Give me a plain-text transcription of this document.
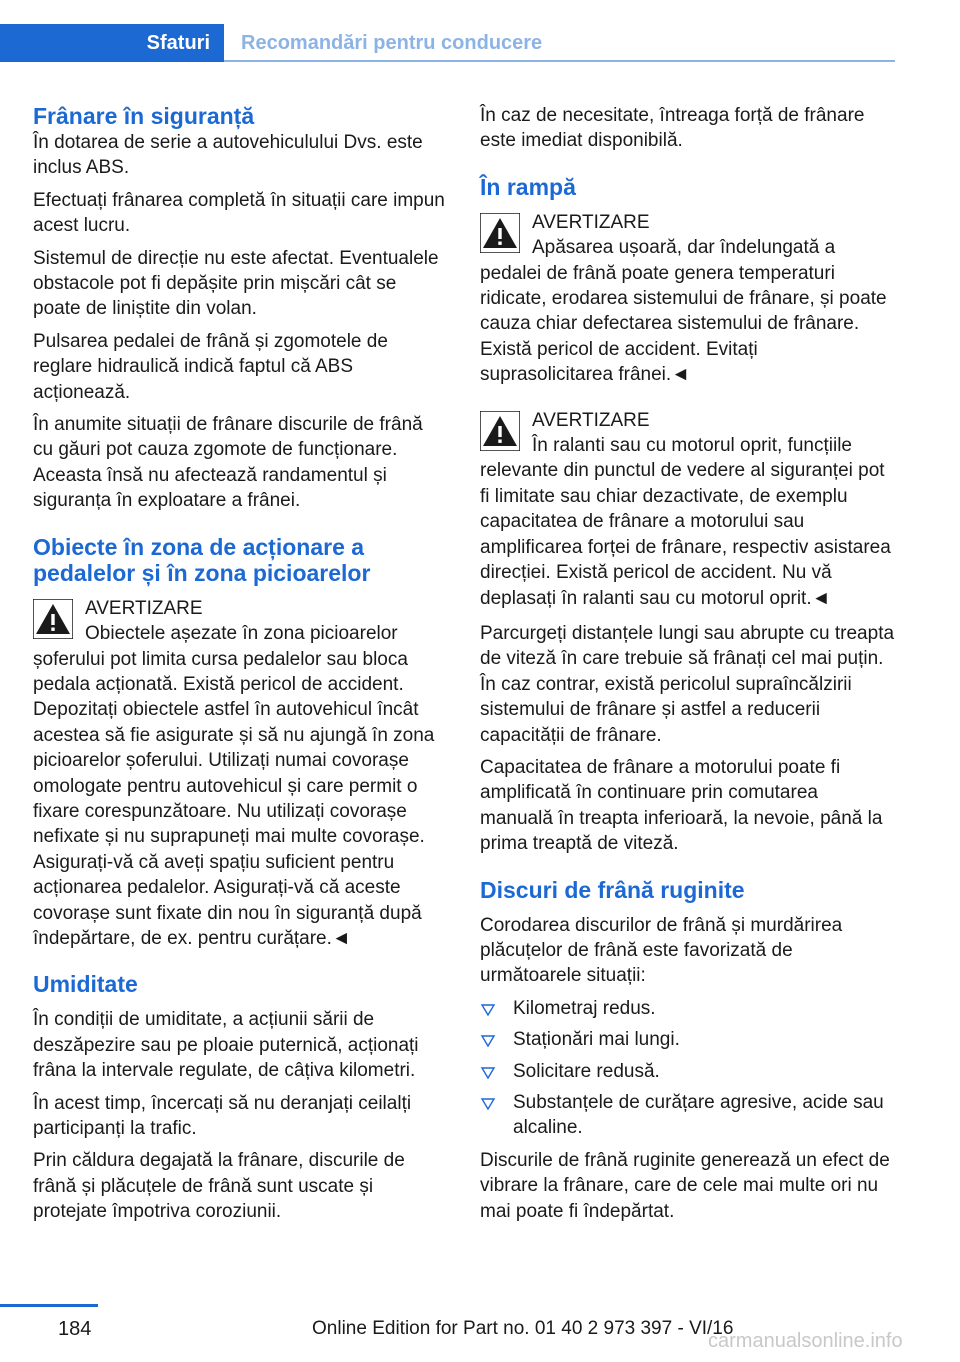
Sfaturi	Recomandări pentru conducere
Frânare în siguranță

În dotarea de serie a autovehiculului Dvs. este inclus ABS.

Efectuați frânarea completă în situații care impun acest lucru.

Sistemul de direcție nu este afectat. Eventualele obstacole pot fi depășite prin mișcări cât se poate de liniștite din volan.

Pulsarea pedalei de frână și zgomotele de reglare hidraulică indică faptul că ABS acționează.

În anumite situații de frânare discurile de frână cu găuri pot cauza zgomote de funcționare. Aceasta însă nu afectează randamentul și siguranța în exploatare a frânei.

Obiecte în zona de acționare a pedalelor și în zona picioarelor
AVERTIZARE
Obiectele așezate în zona picioarelor șoferului pot limita cursa pedalelor sau bloca pedala acționată. Există pericol de accident. Depozitați obiectele astfel în autovehicul încât acestea să fie asigurate și să nu ajungă în zona picioarelor șoferului. Utilizați numai covorașe omologate pentru autovehicul și care permit o fixare corespunzătoare. Nu utilizați covorașe nefixate și nu suprapuneți mai multe covorașe. Asigurați-vă că aveți spațiu suficient pentru acționarea pedalelor. Asigurați-vă că aceste covorașe sunt fixate din nou în siguranță după îndepărtare, de ex. pentru curățare.◄
Umiditate

În condiții de umiditate, a acțiunii sării de deszăpezire sau pe ploaie puternică, acționați frâna la intervale regulate, de câțiva kilometri.

În acest timp, încercați să nu deranjați ceilalți participanți la trafic.

Prin căldura degajată la frânare, discurile de frână și plăcuțele de frână sunt uscate și protejate împotriva coroziunii.

În caz de necesitate, întreaga forță de frânare este imediat disponibilă.

În rampă
AVERTIZARE
Apăsarea ușoară, dar îndelungată a pedalei de frână poate genera temperaturi ridicate, erodarea sistemului de frânare, și poate cauza chiar defectarea sistemului de frânare. Există pericol de accident. Evitați suprasolicitarea frânei.◄
AVERTIZARE
În ralanti sau cu motorul oprit, funcțiile relevante din punctul de vedere al siguranței pot fi limitate sau chiar dezactivate, de exemplu capacitatea de frânare a motorului sau amplificarea forței de frânare, respectiv asistarea direcției. Există pericol de accident. Nu vă deplasați în ralanti sau cu motorul oprit.◄

Parcurgeți distanțele lungi sau abrupte cu treapta de viteză în care trebuie să frânați cel mai puțin. În caz contrar, există pericolul supraîncălzirii sistemului de frânare și astfel a reducerii capacității de frânare.

Capacitatea de frânare a motorului poate fi amplificată în continuare prin comutarea manuală în treapta inferioară, la nevoie, până la prima treaptă de viteză.

Discuri de frână ruginite

Corodarea discurilor de frână și murdărirea plăcuțelor de frână este favorizată de următoarele situații:

Kilometraj redus.
Staționări mai lungi.
Solicitare redusă.
Substanțele de curățare agresive, acide sau alcaline.

Discurile de frână ruginite generează un efect de vibrare la frânare, care de cele mai multe ori nu mai poate fi îndepărtat.

184	Online Edition for Part no. 01 40 2 973 397 - VI/16
carmanualsonline.info
